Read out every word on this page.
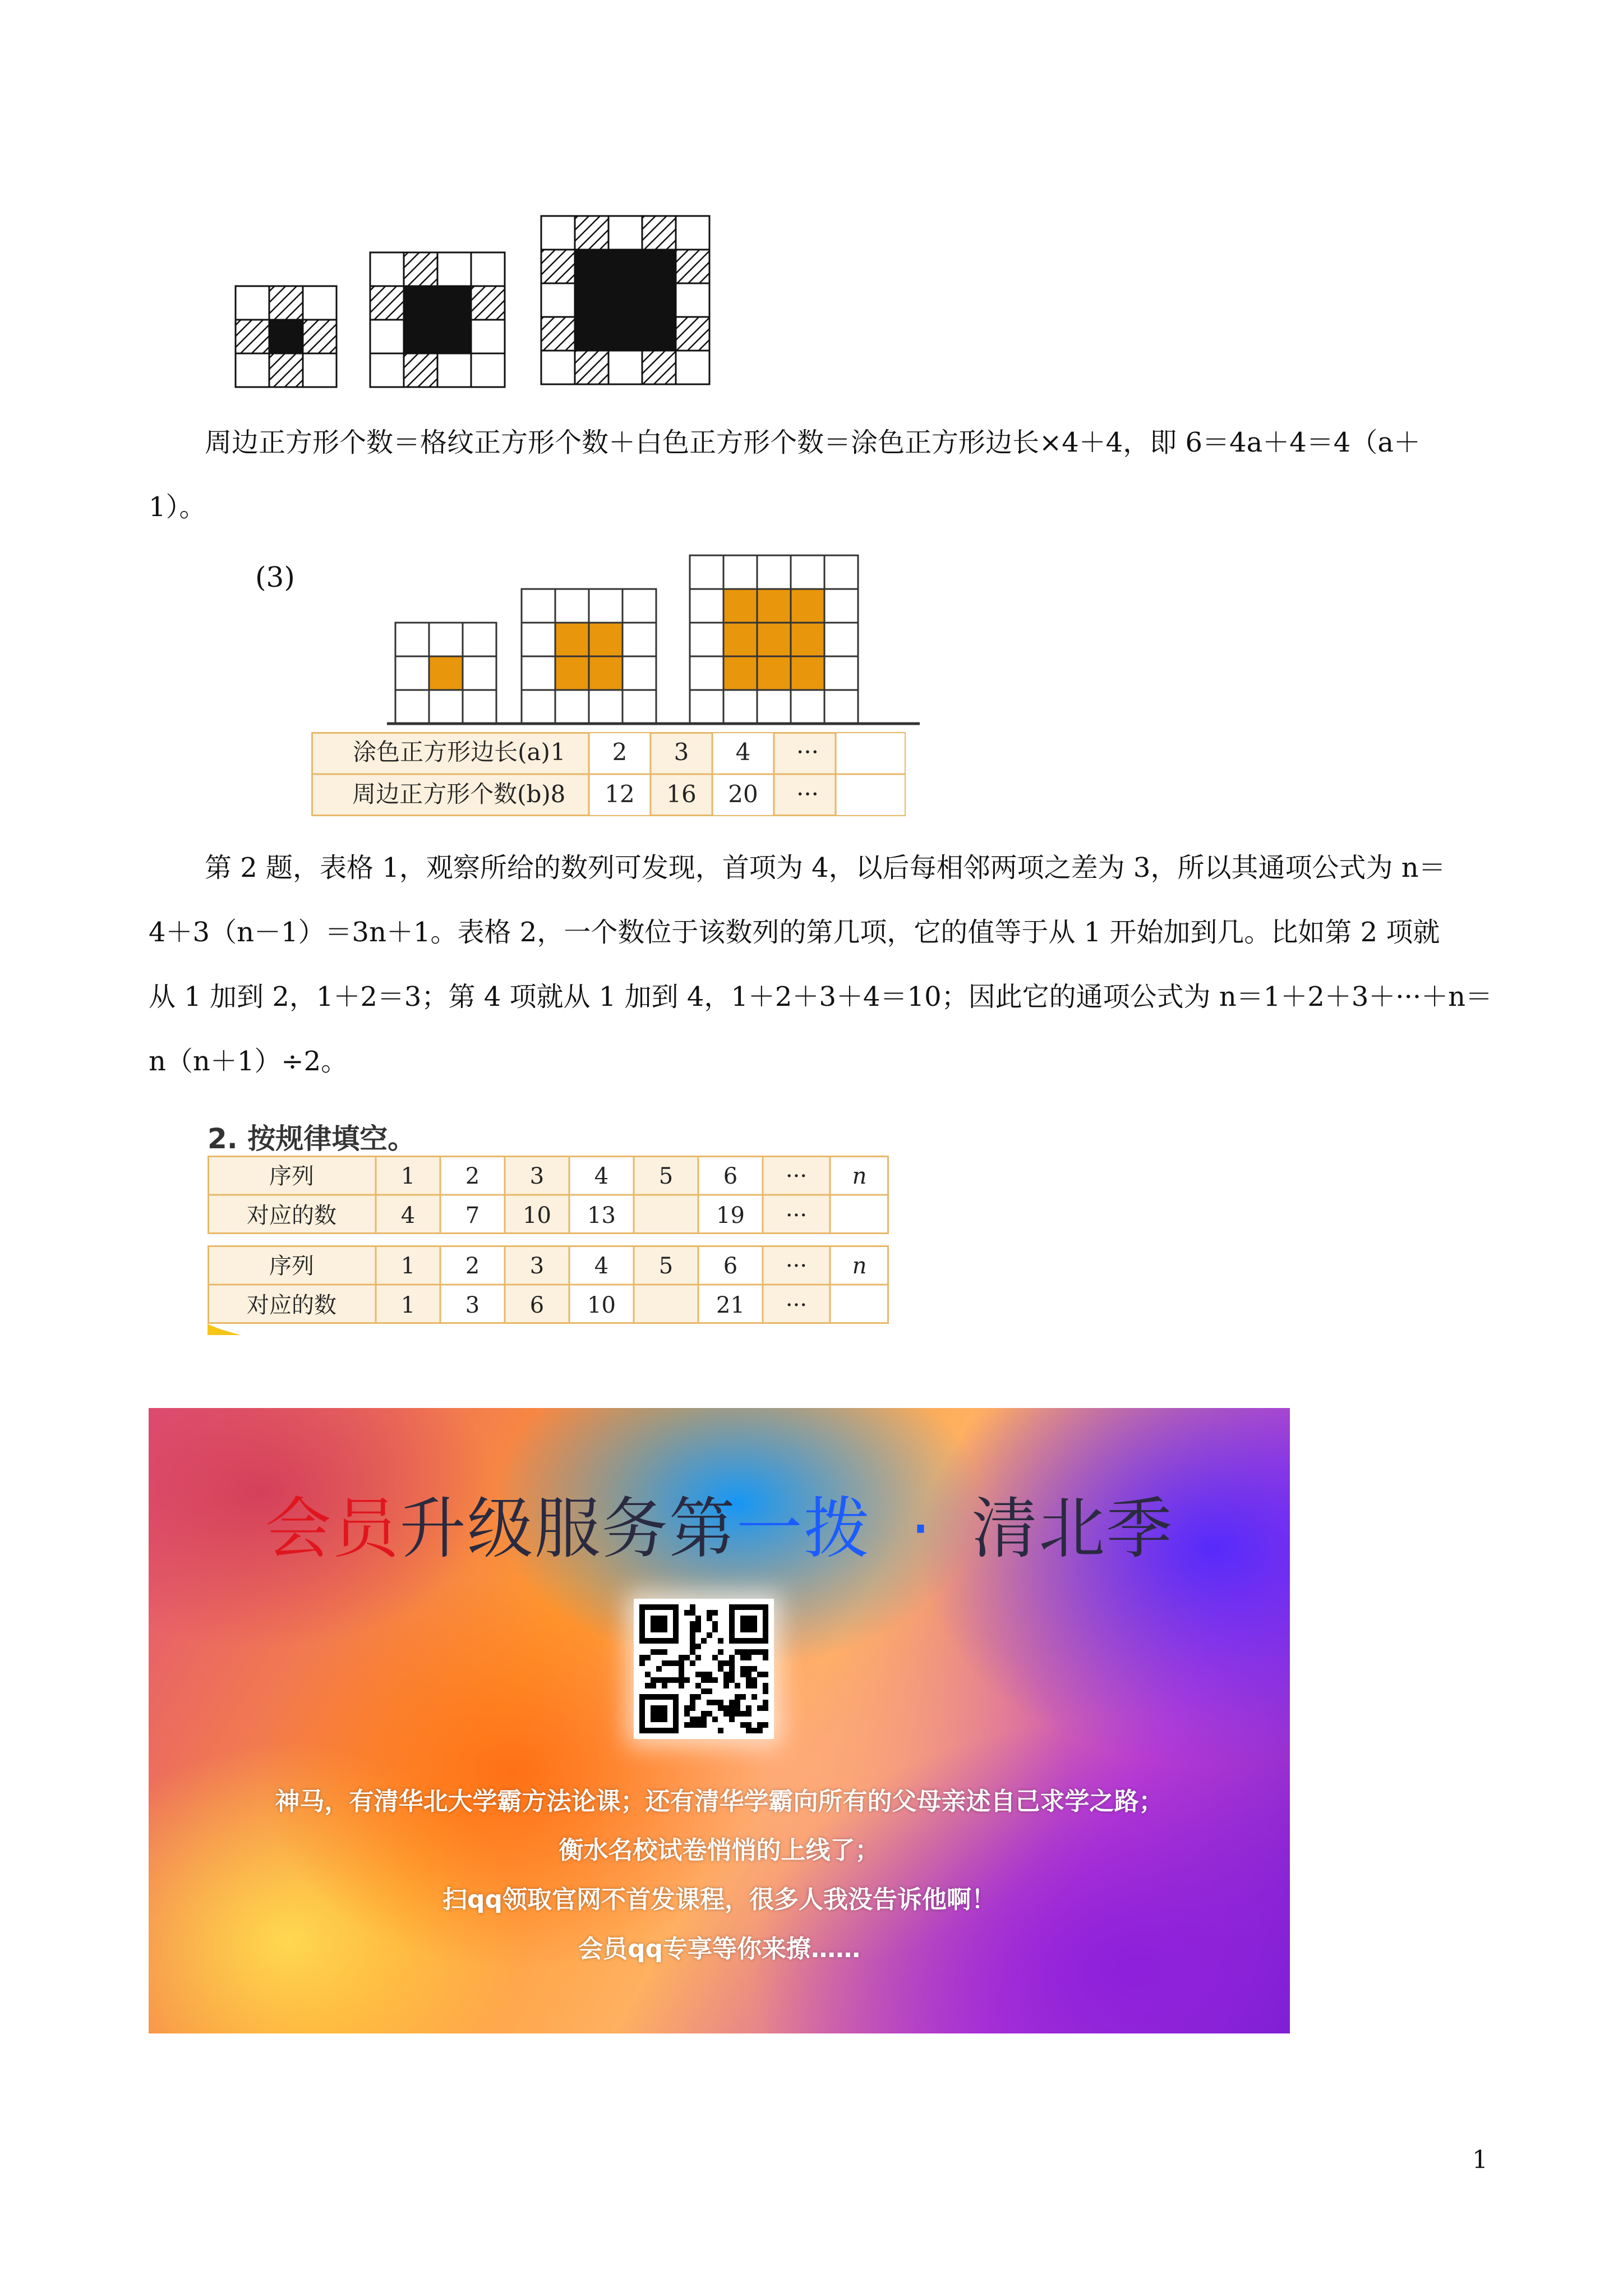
周边正方形个数＝格纹正方形个数＋白色正方形个数＝涂色正方形边长×4＋4，即 6＝4a＋4＝4（a＋
1）。
(3)
涂色正方形边长(a)
周边正方形个数(b)
1 2 3 4 ···
8 12 16 20 ···
第 2 题，表格 1，观察所给的数列可发现，首项为 4，以后每相邻两项之差为 3，所以其通项公式为 n＝
4＋3（n－1）＝3n＋1。表格 2，一个数位于该数列的第几项，它的值等于从 1 开始加到几。比如第 2 项就
从 1 加到 2，1＋2＝3；第 4 项就从 1 加到 4，1＋2＋3＋4＝10；因此它的通项公式为 n＝1＋2＋3＋···＋n＝
n（n＋1）÷2。
2. 按规律填空。
序列
对应的数
1 2 3 4 5 6 ··· n
4 7 10 13	19 ···
序列
对应的数
1 2 3 4 5 6 ··· n
1 3 6 10	21 ···
会员升级服务第一拨 · 清北季
神马，有清华北大学霸方法论课；还有清华学霸向所有的父母亲述自己求学之路；
衡水名校试卷悄悄的上线了；
扫qq领取官网不首发课程，很多人我没告诉他啊！
会员qq专享等你来撩……
1
